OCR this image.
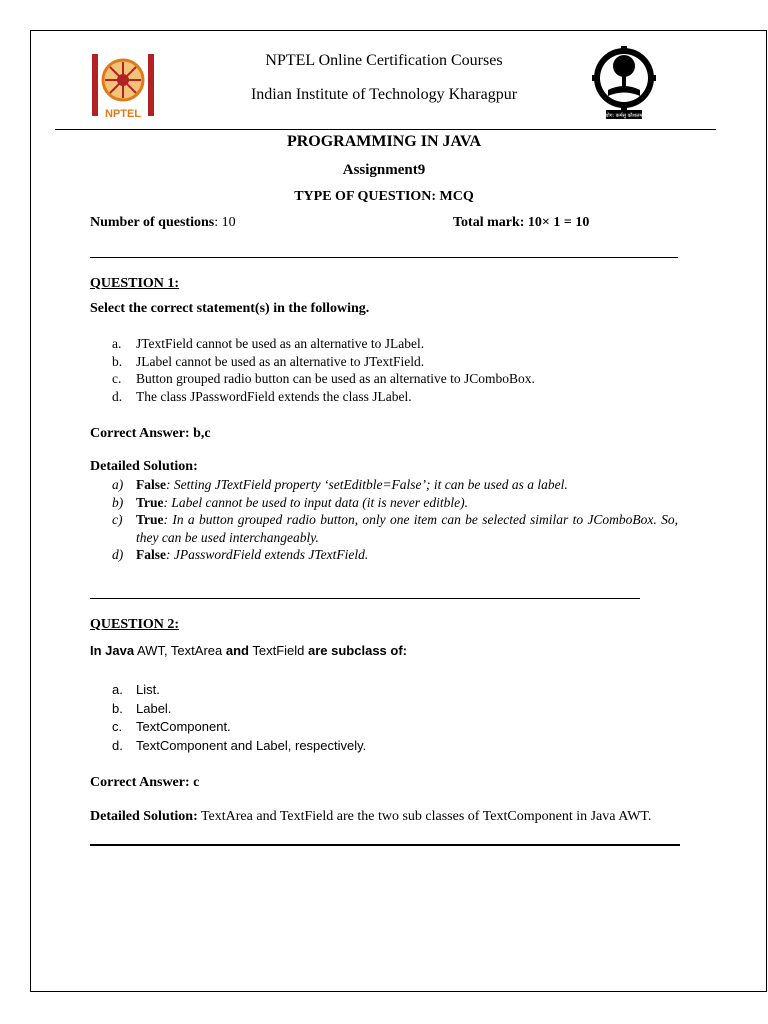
NPTEL	योग: कर्मसु कौशलम्
NPTEL Online Certification Courses
Indian Institute of Technology Kharagpur
PROGRAMMING IN JAVA
Assignment9
TYPE OF QUESTION: MCQ
Number of questions: 10	Total mark: 10× 1 = 10
QUESTION 1:
Select the correct statement(s) in the following.
a. JTextField cannot be used as an alternative to JLabel.
b. JLabel cannot be used as an alternative to JTextField.
c. Button grouped radio button can be used as an alternative to JComboBox.
d. The class JPasswordField extends the class JLabel.
Correct Answer: b,c
Detailed Solution:
a) False: Setting JTextField property ‘setEditble=False’; it can be used as a label.
b) True: Label cannot be used to input data (it is never editble).
c) True: In a button grouped radio button, only one item can be selected similar to JComboBox. So, they can be used interchangeably.
d) False: JPasswordField extends JTextField.
QUESTION 2:
In Java AWT, TextArea and TextField are subclass of:
a. List.
b. Label.
c. TextComponent.
d. TextComponent and Label, respectively.
Correct Answer: c
Detailed Solution: TextArea and TextField are the two sub classes of TextComponent in Java AWT.
